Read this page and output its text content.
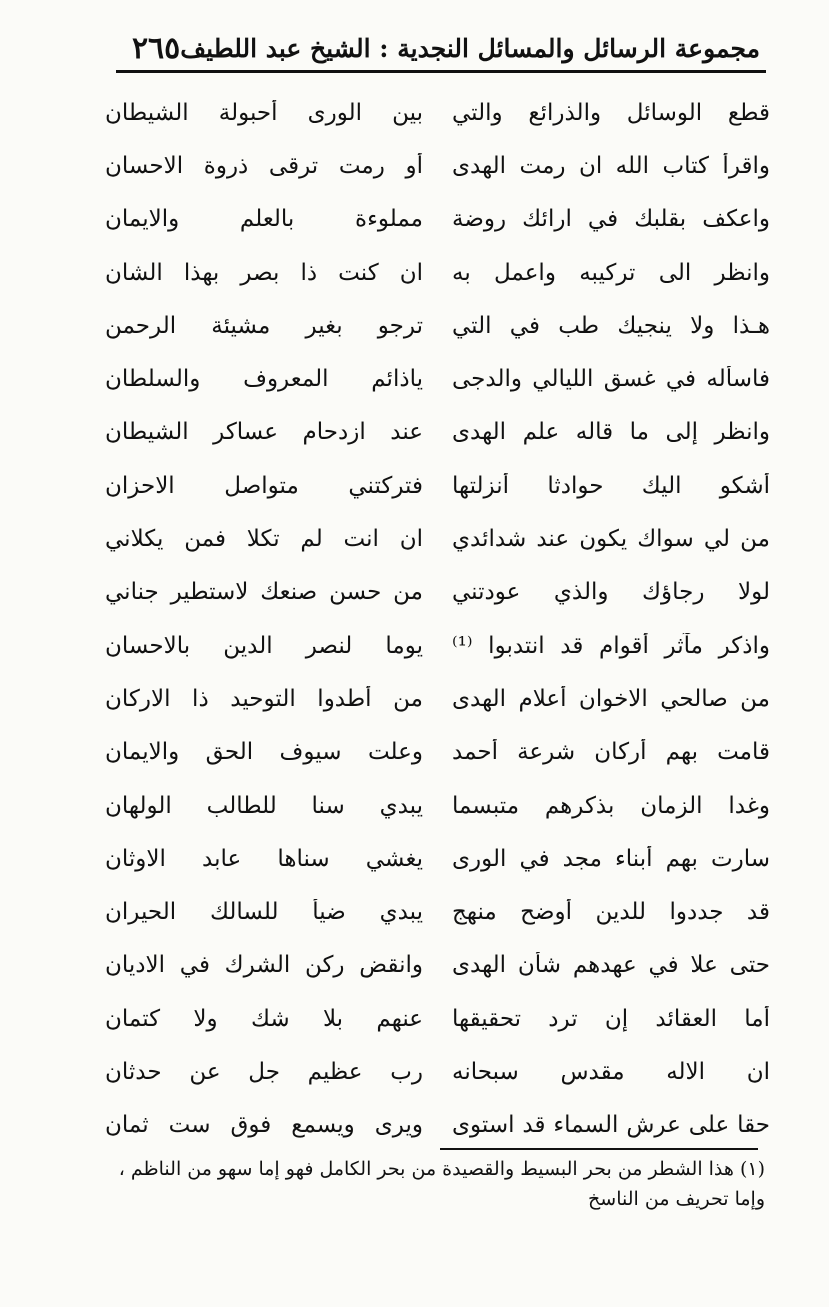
مجموعة الرسائل والمسائل النجدية : الشيخ عبد اللطيف
٢٦٥
قطع الوسائل والذرائع والتي
بين الورى أحبولة الشيطان
واقرأ كتاب الله ان رمت الهدى
أو رمت ترقى ذروة الاحسان
واعكف بقلبك في ارائك روضة
مملوءة بالعلم والايمان
وانظر الى تركيبه واعمل به
ان كنت ذا بصر بهذا الشان
هـذا ولا ينجيك طب في التي
ترجو بغير مشيئة الرحمن
فاسأله في غسق الليالي والدجى
ياذائم المعروف والسلطان
وانظر إلى ما قاله علم الهدى
عند ازدحام عساكر الشيطان
أشكو اليك حوادثا أنزلتها
فتركتني متواصل الاحزان
من لي سواك يكون عند شدائدي
ان انت لم تكلا فمن يكلاني
لولا رجاؤك والذي عودتني
من حسن صنعك لاستطير جناني
واذكر مآثر أقوام قد انتدبوا ⁽¹⁾
يوما لنصر الدين بالاحسان
من صالحي الاخوان أعلام الهدى
من أطدوا التوحيد ذا الاركان
قامت بهم أركان شرعة أحمد
وعلت سيوف الحق والايمان
وغدا الزمان بذكرهم متبسما
يبدي سنا للطالب الولهان
سارت بهم أبناء مجد في الورى
يغشي سناها عابد الاوثان
قد جددوا للدين أوضح منهج
يبدي ضيأ للسالك الحيران
حتى علا في عهدهم شأن الهدى
وانقض ركن الشرك في الاديان
أما العقائد إن ترد تحقيقها
عنهم بلا شك ولا كتمان
ان الاله مقدس سبحانه
رب عظيم جل عن حدثان
حقا على عرش السماء قد استوى
ويرى ويسمع فوق ست ثمان
(١) هذا الشطر من بحر البسيط والقصيدة من بحر الكامل فهو إما سهو من الناظم ،
وإما تحريف من الناسخ
